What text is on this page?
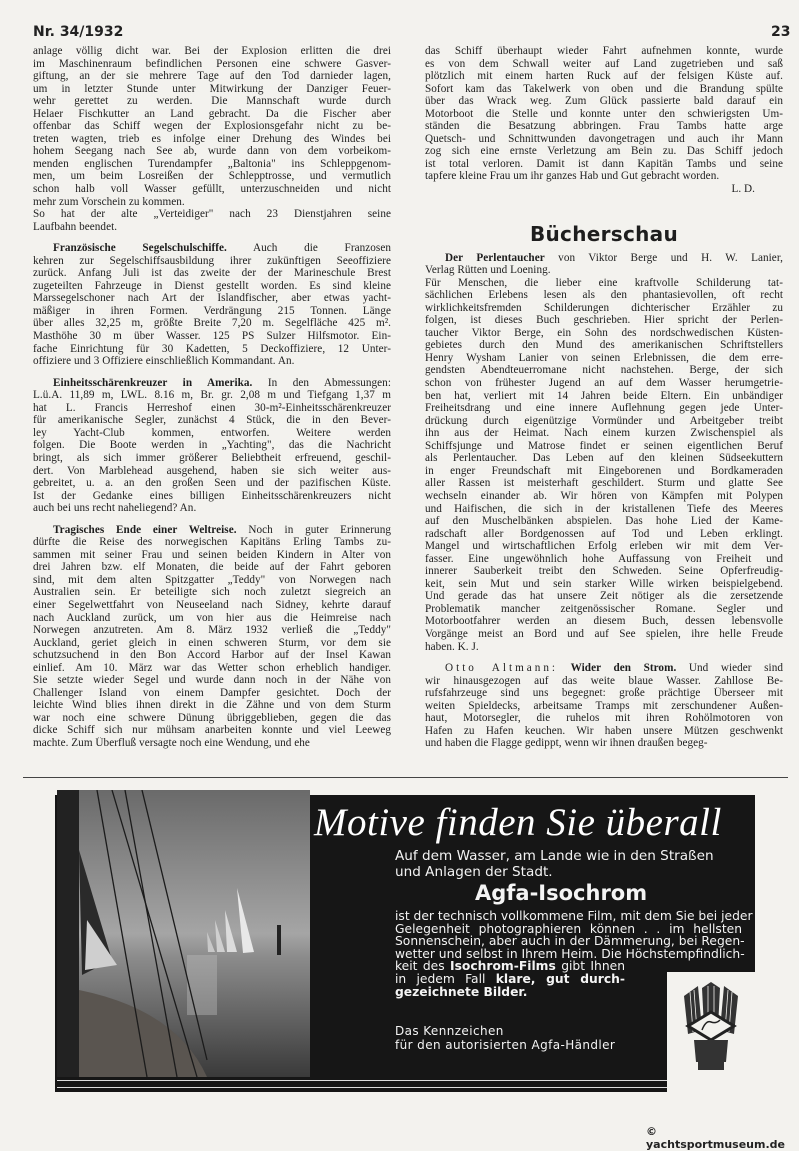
Nr. 34/1932	23
anlage völlig dicht war. Bei der Explosion erlitten die drei
im Maschinenraum befindlichen Personen eine schwere Gasver-
giftung, an der sie mehrere Tage auf den Tod darnieder lagen,
um in letzter Stunde unter Mitwirkung der Danziger Feuer-
wehr gerettet zu werden. Die Mannschaft wurde durch
Helaer Fischkutter an Land gebracht. Da die Fischer aber
offenbar das Schiff wegen der Explosionsgefahr nicht zu be-
treten wagten, trieb es infolge einer Drehung des Windes bei
hohem Seegang nach See ab, wurde dann von dem vorbeikom-
menden englischen Turendampfer „Baltonia" ins Schleppgenom-
men, um beim Losreißen der Schlepptrosse, und vermutlich
schon halb voll Wasser gefüllt, unterzuschneiden und nicht
mehr zum Vorschein zu kommen.
So hat der alte „Verteidiger" nach 23 Dienstjahren seine
Laufbahn beendet.
Französische Segelschulschiffe. Auch die Franzosen
kehren zur Segelschiffsausbildung ihrer zukünftigen Seeoffiziere
zurück. Anfang Juli ist das zweite der der Marineschule Brest
zugeteilten Fahrzeuge in Dienst gestellt worden. Es sind kleine
Marssegelschoner nach Art der Islandfischer, aber etwas yacht-
mäßiger in ihren Formen. Verdrängung 215 Tonnen. Länge
über alles 32,25 m, größte Breite 7,20 m. Segelfläche 425 m².
Masthöhe 30 m über Wasser. 125 PS Sulzer Hilfsmotor. Ein-
fache Einrichtung für 30 Kadetten, 5 Deckoffiziere, 12 Unter-
offiziere und 3 Offiziere einschließlich Kommandant. An.
Einheitsschärenkreuzer in Amerika. In den Abmessungen:
L.ü.A. 11,89 m, LWL. 8.16 m, Br. gr. 2,08 m und Tiefgang 1,37 m
hat L. Francis Herreshof einen 30-m²-Einheitsschärenkreuzer
für amerikanische Segler, zunächst 4 Stück, die in den Bever-
ley Yacht-Club kommen, entworfen. Weitere werden
folgen. Die Boote werden in „Yachting", das die Nachricht
bringt, als sich immer größerer Beliebtheit erfreuend, geschil-
dert. Von Marblehead ausgehend, haben sie sich weiter aus-
gebreitet, u. a. an den großen Seen und der pazifischen Küste.
Ist der Gedanke eines billigen Einheitsschärenkreuzers nicht
auch bei uns recht naheliegend? An.
Tragisches Ende einer Weltreise. Noch in guter Erinnerung
dürfte die Reise des norwegischen Kapitäns Erling Tambs zu-
sammen mit seiner Frau und seinen beiden Kindern in Alter von
drei Jahren bzw. elf Monaten, die beide auf der Fahrt geboren
sind, mit dem alten Spitzgatter „Teddy" von Norwegen nach
Australien sein. Er beteiligte sich noch zuletzt siegreich an
einer Segelwettfahrt von Neuseeland nach Sidney, kehrte darauf
nach Auckland zurück, um von hier aus die Heimreise nach
Norwegen anzutreten. Am 8. März 1932 verließ die „Teddy"
Auckland, geriet gleich in einen schweren Sturm, vor dem sie
schutzsuchend in den Bon Accord Harbor auf der Insel Kawan
einlief. Am 10. März war das Wetter schon erheblich handiger.
Sie setzte wieder Segel und wurde dann noch in der Nähe von
Challenger Island von einem Dampfer gesichtet. Doch der
leichte Wind blies ihnen direkt in die Zähne und von dem Sturm
war noch eine schwere Dünung übriggeblieben, gegen die das
dicke Schiff sich nur mühsam anarbeiten konnte und viel Leeweg
machte. Zum Überfluß versagte noch eine Wendung, und ehe
das Schiff überhaupt wieder Fahrt aufnehmen konnte, wurde
es von dem Schwall weiter auf Land zugetrieben und saß
plötzlich mit einem harten Ruck auf der felsigen Küste auf.
Sofort kam das Takelwerk von oben und die Brandung spülte
über das Wrack weg. Zum Glück passierte bald darauf ein
Motorboot die Stelle und konnte unter den schwierigsten Um-
ständen die Besatzung abbringen. Frau Tambs hatte arge
Quetsch- und Schnittwunden davongetragen und auch ihr Mann
zog sich eine ernste Verletzung am Bein zu. Das Schiff jedoch
ist total verloren. Damit ist dann Kapitän Tambs und seine
tapfere kleine Frau um ihr ganzes Hab und Gut gebracht worden.
L. D.
Bücherschau
Der Perlentaucher von Viktor Berge und H. W. Lanier,
Verlag Rütten und Loening.
Für Menschen, die lieber eine kraftvolle Schilderung tat-
sächlichen Erlebens lesen als den phantasievollen, oft recht
wirklichkeitsfremden Schilderungen dichterischer Erzähler zu
folgen, ist dieses Buch geschrieben. Hier spricht der Perlen-
taucher Viktor Berge, ein Sohn des nordschwedischen Küsten-
gebietes durch den Mund des amerikanischen Schriftstellers
Henry Wysham Lanier von seinen Erlebnissen, die dem erre-
gendsten Abendteuerromane nicht nachstehen. Berge, der sich
schon von frühester Jugend an auf dem Wasser herumgetrie-
ben hat, verliert mit 14 Jahren beide Eltern. Ein unbändiger
Freiheitsdrang und eine innere Auflehnung gegen jede Unter-
drückung durch eigenützige Vormünder und Arbeitgeber treibt
ihn aus der Heimat. Nach einem kurzen Zwischenspiel als
Schiffsjunge und Matrose findet er seinen eigentlichen Beruf
als Perlentaucher. Das Leben auf den kleinen Südseekuttern
in enger Freundschaft mit Eingeborenen und Bordkameraden
aller Rassen ist meisterhaft geschildert. Sturm und glatte See
wechseln einander ab. Wir hören von Kämpfen mit Polypen
und Haifischen, die sich in der kristallenen Tiefe des Meeres
auf den Muschelbänken abspielen. Das hohe Lied der Kame-
radschaft aller Bordgenossen auf Tod und Leben erklingt.
Mangel und wirtschaftlichen Erfolg erleben wir mit dem Ver-
fasser. Eine ungewöhnlich hohe Auffassung von Freiheit und
innerer Sauberkeit treibt den Schweden. Seine Opferfreudig-
keit, sein Mut und sein starker Wille wirken beispielgebend.
Und gerade das hat unsere Zeit nötiger als die zersetzende
Problematik mancher zeitgenössischer Romane. Segler und
Motorbootfahrer werden an diesem Buch, dessen lebensvolle
Vorgänge meist an Bord und auf See spielen, ihre helle Freude
haben. K. J.
Otto Altmann: Wider den Strom. Und wieder sind
wir hinausgezogen auf das weite blaue Wasser. Zahllose Be-
rufsfahrzeuge sind uns begegnet: große prächtige Überseer mit
weiten Spieldecks, arbeitsame Tramps mit zerschundener Außen-
haut, Motorsegler, die ruhelos mit ihren Rohölmotoren von
Hafen zu Hafen keuchen. Wir haben unsere Mützen geschwenkt
und haben die Flagge gedippt, wenn wir ihnen draußen begeg-
Motive finden Sie überall
Auf dem Wasser, am Lande wie in den Straßen
und Anlagen der Stadt.
Agfa-Isochrom
ist der technisch vollkommene Film, mit dem Sie bei jeder
Gelegenheit photographieren können . . im hellsten
Sonnenschein, aber auch in der Dämmerung, bei Regen-
wetter und selbst in Ihrem Heim. Die Höchstempfindlich-
keit des Isochrom-Films gibt Ihnen
in jedem Fall klare, gut durch-
gezeichnete Bilder.
Das Kennzeichen
für den autorisierten Agfa-Händler
© yachtsportmuseum.de
